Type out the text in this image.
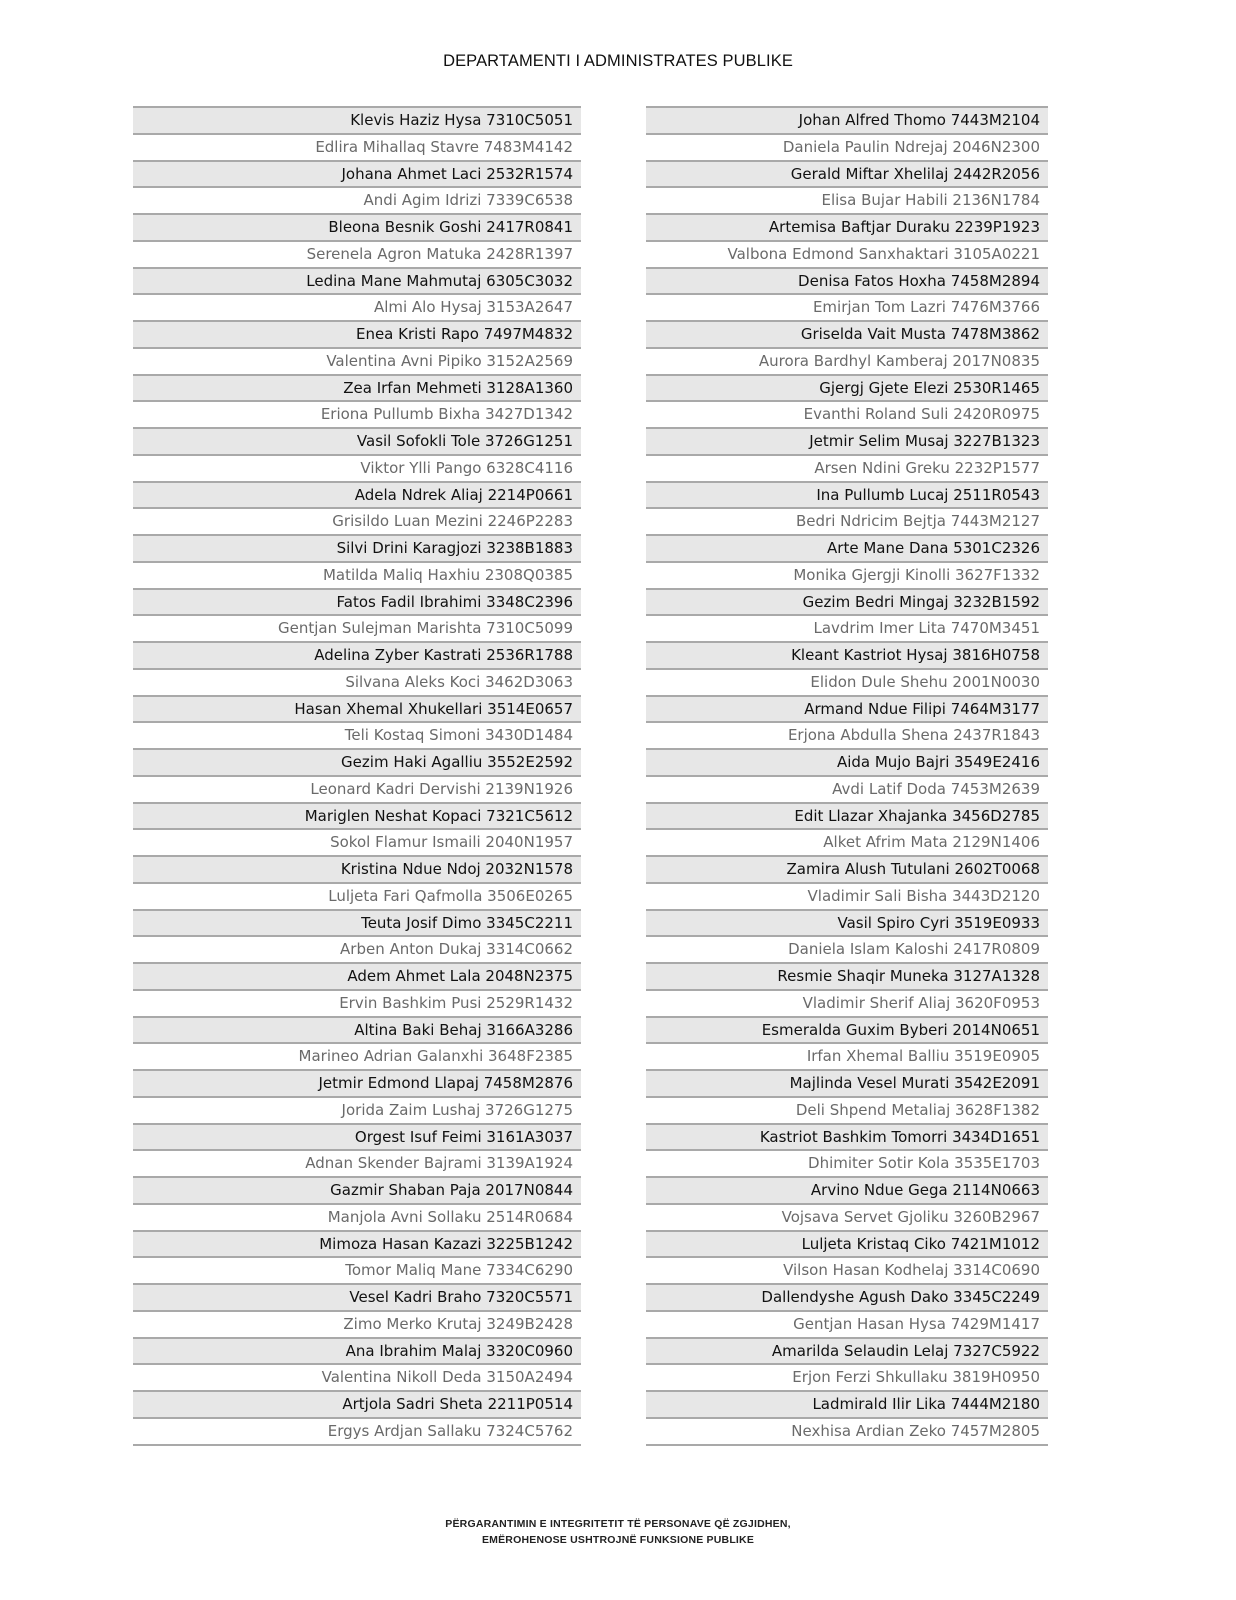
DEPARTAMENTI I ADMINISTRATES PUBLIKE
Klevis Haziz Hysa 7310C5051
Edlira Mihallaq Stavre 7483M4142
Johana Ahmet Laci 2532R1574
Andi Agim Idrizi 7339C6538
Bleona Besnik Goshi 2417R0841
Serenela Agron Matuka 2428R1397
Ledina Mane Mahmutaj 6305C3032
Almi Alo Hysaj 3153A2647
Enea Kristi Rapo 7497M4832
Valentina Avni Pipiko 3152A2569
Zea Irfan Mehmeti 3128A1360
Eriona Pullumb Bixha 3427D1342
Vasil Sofokli Tole 3726G1251
Viktor Ylli Pango 6328C4116
Adela Ndrek Aliaj 2214P0661
Grisildo Luan Mezini 2246P2283
Silvi Drini Karagjozi 3238B1883
Matilda Maliq Haxhiu 2308Q0385
Fatos Fadil Ibrahimi 3348C2396
Gentjan Sulejman Marishta 7310C5099
Adelina Zyber Kastrati 2536R1788
Silvana Aleks Koci 3462D3063
Hasan Xhemal Xhukellari 3514E0657
Teli Kostaq Simoni 3430D1484
Gezim Haki Agalliu 3552E2592
Leonard Kadri Dervishi 2139N1926
Mariglen Neshat Kopaci 7321C5612
Sokol Flamur Ismaili 2040N1957
Kristina Ndue Ndoj 2032N1578
Luljeta Fari Qafmolla 3506E0265
Teuta Josif Dimo 3345C2211
Arben Anton Dukaj 3314C0662
Adem Ahmet Lala 2048N2375
Ervin Bashkim Pusi 2529R1432
Altina Baki Behaj 3166A3286
Marineo Adrian Galanxhi 3648F2385
Jetmir Edmond Llapaj 7458M2876
Jorida Zaim Lushaj 3726G1275
Orgest Isuf Feimi 3161A3037
Adnan Skender Bajrami 3139A1924
Gazmir Shaban Paja 2017N0844
Manjola Avni Sollaku 2514R0684
Mimoza Hasan Kazazi 3225B1242
Tomor Maliq Mane 7334C6290
Vesel Kadri Braho 7320C5571
Zimo Merko Krutaj 3249B2428
Ana Ibrahim Malaj 3320C0960
Valentina Nikoll Deda 3150A2494
Artjola Sadri Sheta 2211P0514
Ergys Ardjan Sallaku 7324C5762
Johan Alfred Thomo 7443M2104
Daniela Paulin Ndrejaj 2046N2300
Gerald Miftar Xhelilaj 2442R2056
Elisa Bujar Habili 2136N1784
Artemisa Baftjar Duraku 2239P1923
Valbona Edmond Sanxhaktari 3105A0221
Denisa Fatos Hoxha 7458M2894
Emirjan Tom Lazri 7476M3766
Griselda Vait Musta 7478M3862
Aurora Bardhyl Kamberaj 2017N0835
Gjergj Gjete Elezi 2530R1465
Evanthi Roland Suli 2420R0975
Jetmir Selim Musaj 3227B1323
Arsen Ndini Greku 2232P1577
Ina Pullumb Lucaj 2511R0543
Bedri Ndricim Bejtja 7443M2127
Arte Mane Dana 5301C2326
Monika Gjergji Kinolli 3627F1332
Gezim Bedri Mingaj 3232B1592
Lavdrim Imer Lita 7470M3451
Kleant Kastriot Hysaj 3816H0758
Elidon Dule Shehu 2001N0030
Armand Ndue Filipi 7464M3177
Erjona Abdulla Shena 2437R1843
Aida Mujo Bajri 3549E2416
Avdi Latif Doda 7453M2639
Edit Llazar Xhajanka 3456D2785
Alket Afrim Mata 2129N1406
Zamira Alush Tutulani 2602T0068
Vladimir Sali Bisha 3443D2120
Vasil Spiro Cyri 3519E0933
Daniela Islam Kaloshi 2417R0809
Resmie Shaqir Muneka 3127A1328
Vladimir Sherif Aliaj 3620F0953
Esmeralda Guxim Byberi 2014N0651
Irfan Xhemal Balliu 3519E0905
Majlinda Vesel Murati 3542E2091
Deli Shpend Metaliaj 3628F1382
Kastriot Bashkim Tomorri 3434D1651
Dhimiter Sotir Kola 3535E1703
Arvino Ndue Gega 2114N0663
Vojsava Servet Gjoliku 3260B2967
Luljeta Kristaq Ciko 7421M1012
Vilson Hasan Kodhelaj 3314C0690
Dallendyshe Agush Dako 3345C2249
Gentjan Hasan Hysa 7429M1417
Amarilda Selaudin Lelaj 7327C5922
Erjon Ferzi Shkullaku 3819H0950
Ladmirald Ilir Lika 7444M2180
Nexhisa Ardian Zeko 7457M2805
PËRGARANTIMIN E INTEGRITETIT TË PERSONAVE QË ZGJIDHEN,
EMËROHENOSE USHTROJNË FUNKSIONE PUBLIKE
